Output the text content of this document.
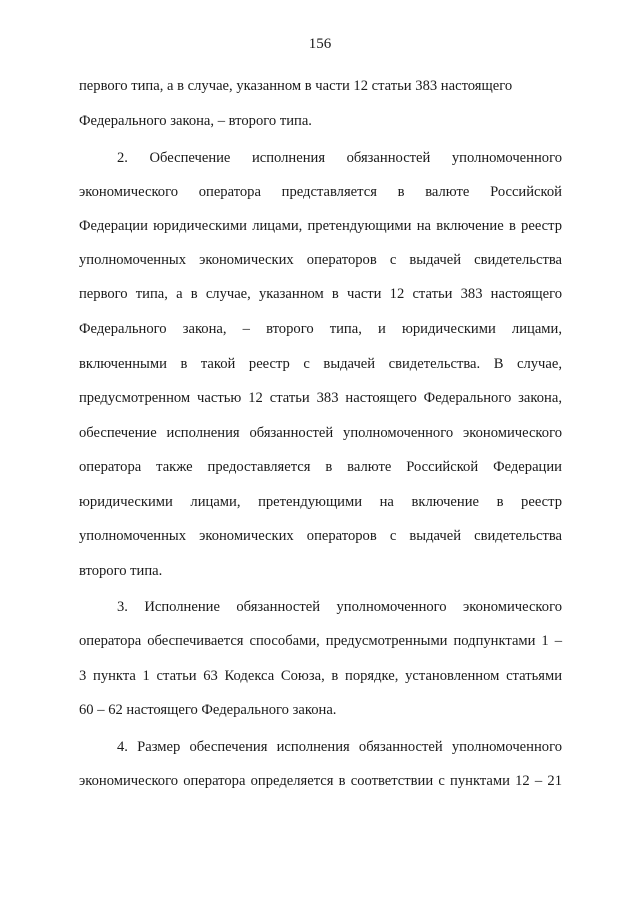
156
первого типа, а в случае, указанном в части 12 статьи 383 настоящего
Федерального закона, – второго типа.
2. Обеспечение исполнения обязанностей уполномоченного
экономического оператора представляется в валюте Российской
Федерации юридическими лицами, претендующими на включение в реестр
уполномоченных экономических операторов с выдачей свидетельства
первого типа, а в случае, указанном в части 12 статьи 383 настоящего
Федерального закона, – второго типа, и юридическими лицами,
включенными в такой реестр с выдачей свидетельства. В случае,
предусмотренном частью 12 статьи 383 настоящего Федерального закона,
обеспечение исполнения обязанностей уполномоченного экономического
оператора также предоставляется в валюте Российской Федерации
юридическими лицами, претендующими на включение в реестр
уполномоченных экономических операторов с выдачей свидетельства
второго типа.
3. Исполнение обязанностей уполномоченного экономического
оператора обеспечивается способами, предусмотренными подпунктами 1 –
3 пункта 1 статьи 63 Кодекса Союза, в порядке, установленном статьями
60 – 62 настоящего Федерального закона.
4. Размер обеспечения исполнения обязанностей уполномоченного
экономического оператора определяется в соответствии с пунктами 12 – 21
